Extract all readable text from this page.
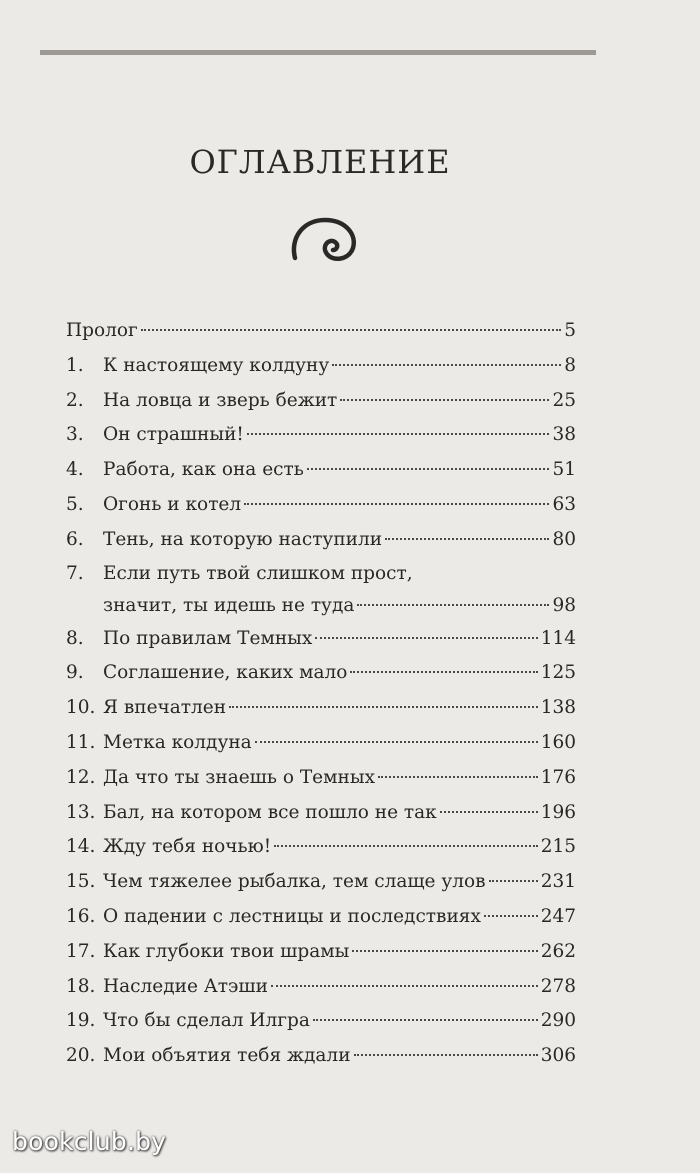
ОГЛАВЛЕНИЕ
Пролог	5
1.	К настоящему колдуну	8
2.	На ловца и зверь бежит	25
3.	Он страшный!	38
4.	Работа, как она есть	51
5.	Огонь и котел	63
6.	Тень, на которую наступили	80
7.	Если путь твой слишком прост,
значит, ты идешь не туда	98
8.	По правилам Темных	114
9.	Соглашение, каких мало	125
10. Я впечатлен	138
11. Метка колдуна	160
12. Да что ты знаешь о Темных	176
13. Бал, на котором все пошло не так	196
14. Жду тебя ночью!	215
15. Чем тяжелее рыбалка, тем слаще улов	231
16. О падении с лестницы и последствиях	247
17. Как глубоки твои шрамы	262
18. Наследие Атэши	278
19. Что бы сделал Илгра	290
20. Мои объятия тебя ждали	306
bookclub.by
